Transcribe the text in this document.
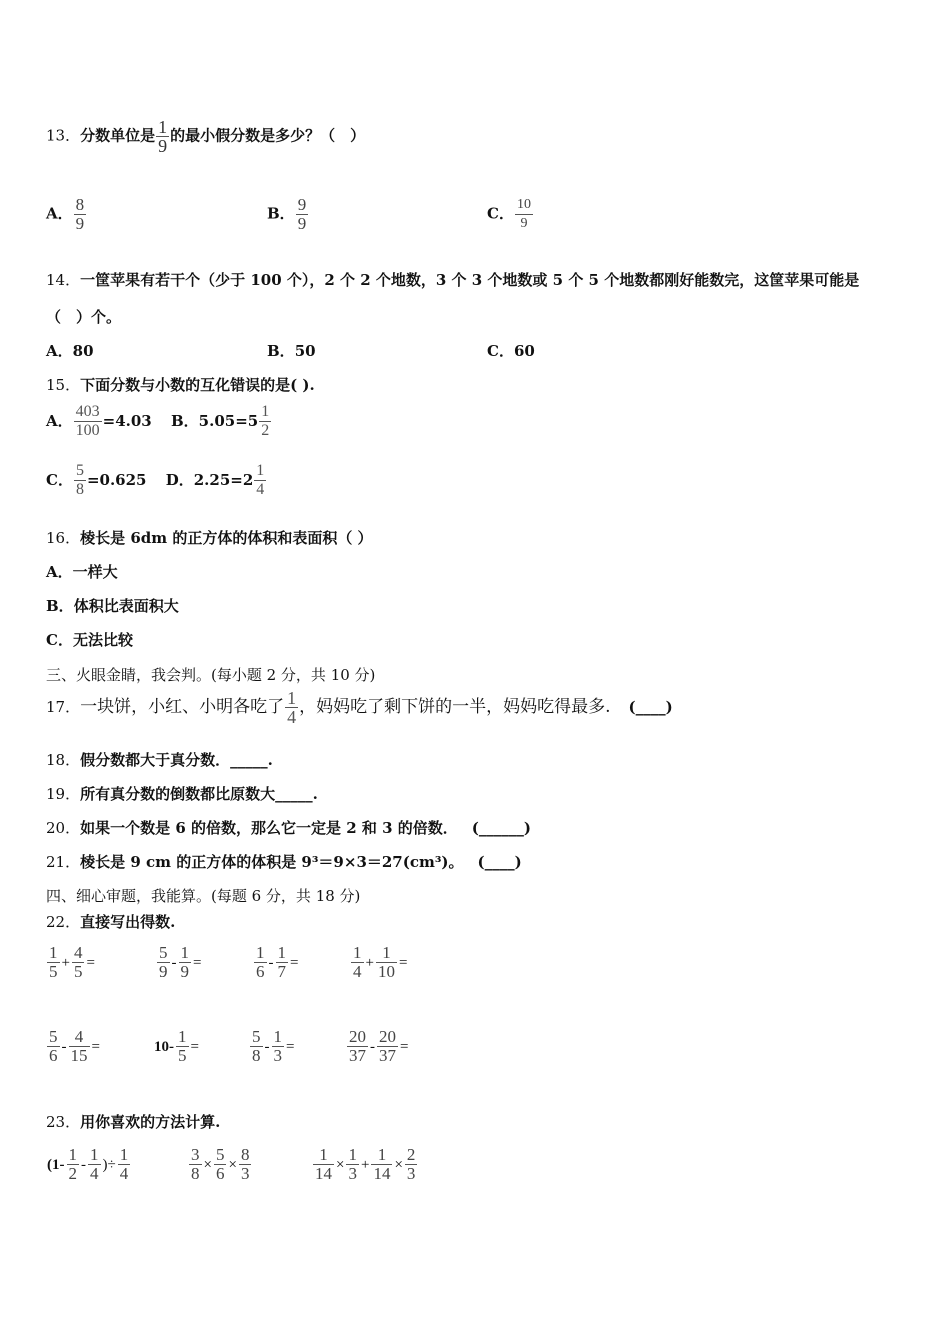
13．分数单位是 $\frac{1}{9}$ 的最小假分数是多少？（　）
A． $\frac{8}{9}$	B． $\frac{9}{9}$	C． $\frac{10}{9}$
14．一筐苹果有若干个（少于 100 个），2 个 2 个地数，3 个 3 个地数或 5 个 5 个地数都刚好能数完，这筐苹果可能是
（　）个。
A．80	B．50	C．60
15．下面分数与小数的互化错误的是( ).
A． $\frac{403}{100} =4.03$ B．$5.05=5 \frac{1}{2}$
C． $\frac{5}{8} =0.625$ D．$2.25=2 \frac{1}{4}$
16．棱长是 6dm 的正方体的体积和表面积（ ）
A．一样大
B．体积比表面积大
C．无法比较
三、火眼金睛，我会判。(每小题 2 分，共 10 分)
17．一块饼，小红、小明各吃了 $\frac{1}{4}$ ，妈妈吃了剩下饼的一半，妈妈吃得最多. (____)
18．假分数都大于真分数．_____.
19．所有真分数的倒数都比原数大_____.
20．如果一个数是 6 的倍数，那么它一定是 2 和 3 的倍数． (______)
21．棱长是 9 cm 的正方体的体积是 9³＝9×3＝27(cm³)。 (____)
四、细心审题，我能算。(每题 6 分，共 18 分)
22．直接写出得数.
$\frac{1}{5} + \frac{4}{5}$ =	$\frac{5}{9} - \frac{1}{9}$ =	$\frac{1}{6} - \frac{1}{7}$ =	$\frac{1}{4} + \frac{1}{10}$ =
$\frac{5}{6} - \frac{4}{15}$ =	$10- \frac{1}{5}$ =	$\frac{5}{8} - \frac{1}{3}$ =	$\frac{20}{37} - \frac{20}{37}$ =
23．用你喜欢的方法计算.
($1- \frac{1}{2} - \frac{1}{4}$ )÷ $\frac{1}{4}$	$\frac{3}{8} \times \frac{5}{6} \times \frac{8}{3}$	$\frac{1}{14} \times \frac{1}{3} + \frac{1}{14} \times \frac{2}{3}$
